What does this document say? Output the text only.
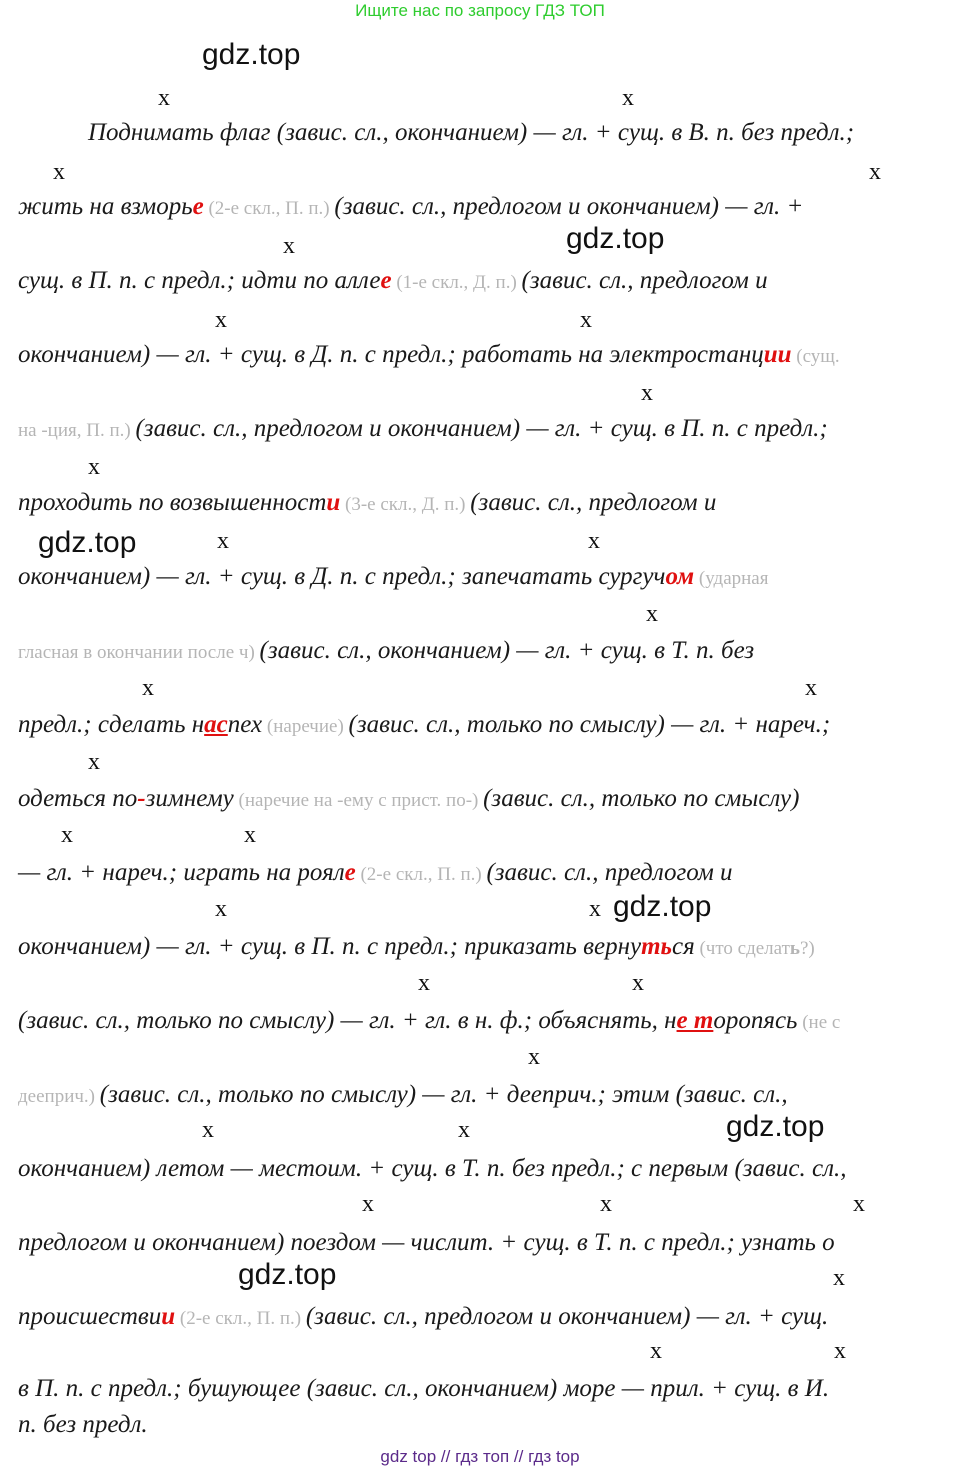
Ищите нас по запросу ГДЗ ТОП
gdz.top
gdz.top
gdz.top
gdz.top
gdz.top
gdz.top
x	x
x	x
x
x	x
x
x
x	x
x
x	x
x
x	x
x	x
x	x
x
x	x
x	x	x
x
x	x
Поднимать флаг (завис. сл., окончанием) — гл. + сущ. в В. п. без предл.;
жить на взморье (2-е скл., П. п.) (завис. сл., предлогом и окончанием) — гл. +
сущ. в П. п. с предл.; идти по аллее (1-е скл., Д. п.) (завис. сл., предлогом и
окончанием) — гл. + сущ. в Д. п. с предл.; работать на электростанции (сущ.
на -ция, П. п.) (завис. сл., предлогом и окончанием) — гл. + сущ. в П. п. с предл.;
проходить по возвышенности (3-е скл., Д. п.) (завис. сл., предлогом и
окончанием) — гл. + сущ. в Д. п. с предл.; запечатать сургучом (ударная
гласная в окончании после ч) (завис. сл., окончанием) — гл. + сущ. в Т. п. без
предл.; сделать наспех (наречие) (завис. сл., только по смыслу) — гл. + нареч.;
одеться по-зимнему (наречие на -ему с прист. по-) (завис. сл., только по смыслу)
— гл. + нареч.; играть на рояле (2-е скл., П. п.) (завис. сл., предлогом и
окончанием) — гл. + сущ. в П. п. с предл.; приказать вернуться (что сделать?)
(завис. сл., только по смыслу) — гл. + гл. в н. ф.; объяснять, не торопясь (не с
дееприч.) (завис. сл., только по смыслу) — гл. + дееприч.; этим (завис. сл.,
окончанием) летом — местоим. + сущ. в Т. п. без предл.; с первым (завис. сл.,
предлогом и окончанием) поездом — числит. + сущ. в Т. п. с предл.; узнать о
происшествии (2-е скл., П. п.) (завис. сл., предлогом и окончанием) — гл. + сущ.
в П. п. с предл.; бушующее (завис. сл., окончанием) море — прил. + сущ. в И.
п. без предл.
gdz top // гдз топ // гдз top
